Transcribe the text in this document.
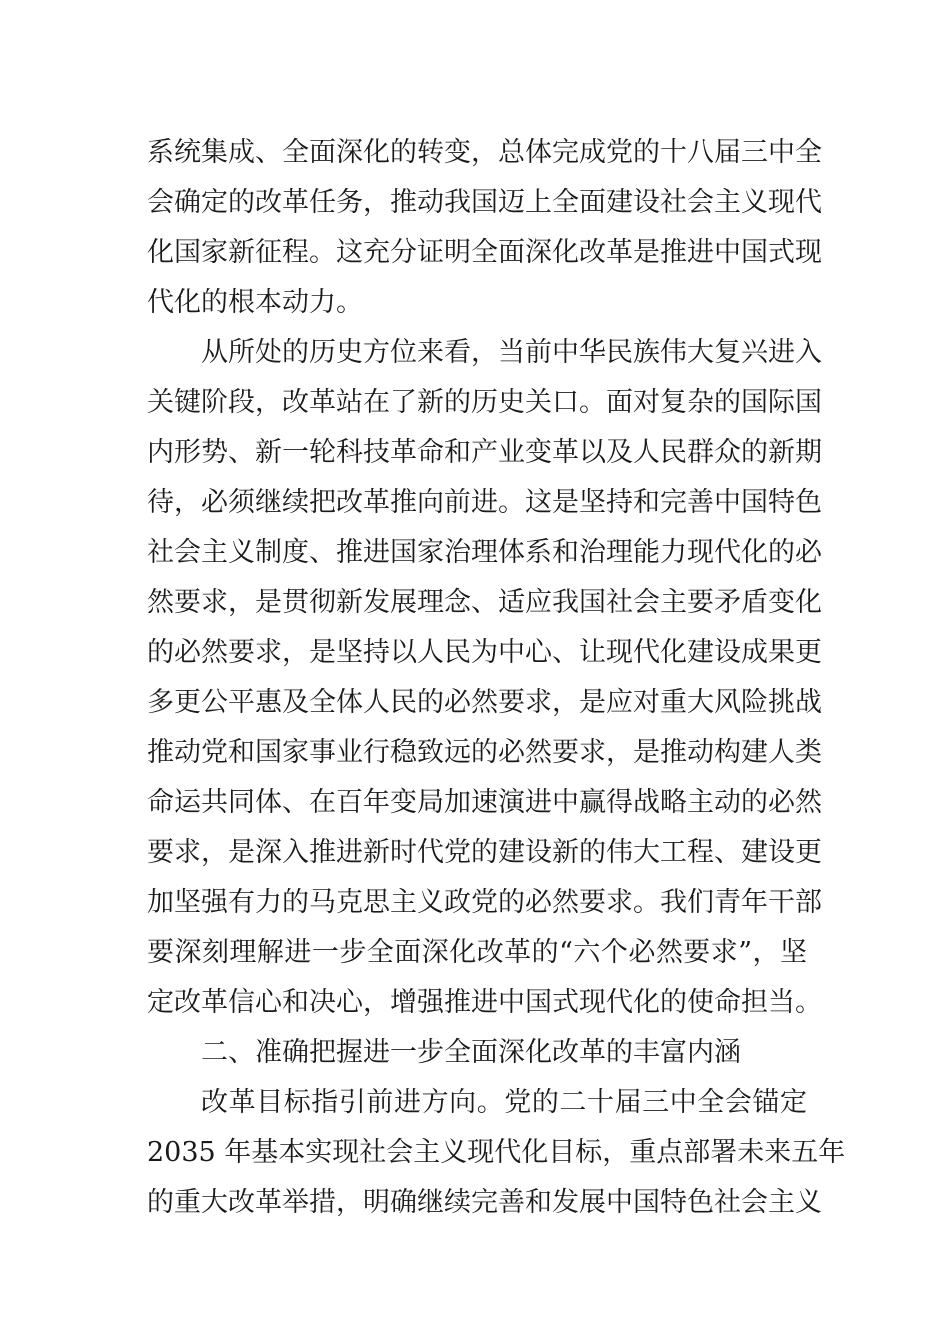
系统集成、全面深化的转变，总体完成党的十八届三中全
会确定的改革任务，推动我国迈上全面建设社会主义现代
化国家新征程。这充分证明全面深化改革是推进中国式现
代化的根本动力。
从所处的历史方位来看，当前中华民族伟大复兴进入
关键阶段，改革站在了新的历史关口。面对复杂的国际国
内形势、新一轮科技革命和产业变革以及人民群众的新期
待，必须继续把改革推向前进。这是坚持和完善中国特色
社会主义制度、推进国家治理体系和治理能力现代化的必
然要求，是贯彻新发展理念、适应我国社会主要矛盾变化
的必然要求，是坚持以人民为中心、让现代化建设成果更
多更公平惠及全体人民的必然要求，是应对重大风险挑战
推动党和国家事业行稳致远的必然要求，是推动构建人类
命运共同体、在百年变局加速演进中赢得战略主动的必然
要求，是深入推进新时代党的建设新的伟大工程、建设更
加坚强有力的马克思主义政党的必然要求。我们青年干部
要深刻理解进一步全面深化改革的“六个必然要求”，坚
定改革信心和决心，增强推进中国式现代化的使命担当。
二、准确把握进一步全面深化改革的丰富内涵
改革目标指引前进方向。党的二十届三中全会锚定
2035 年基本实现社会主义现代化目标，重点部署未来五年
的重大改革举措，明确继续完善和发展中国特色社会主义
